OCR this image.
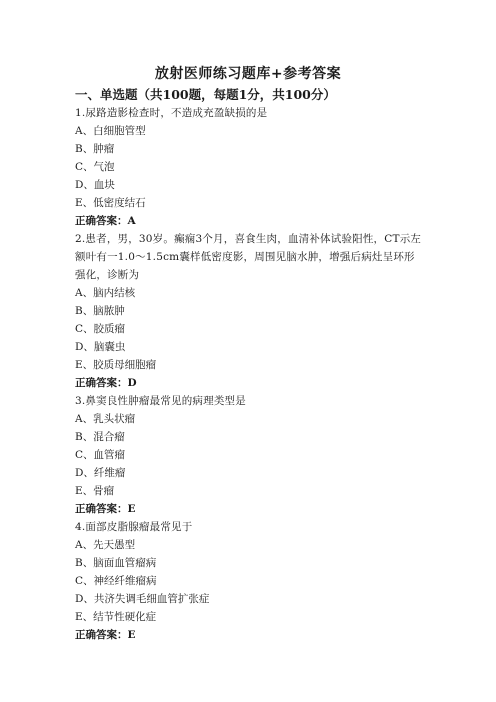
放射医师练习题库+参考答案
一、单选题（共100题，每题1分，共100分）
1.尿路造影检查时，不造成充盈缺损的是
A、白细胞管型
B、肿瘤
C、气泡
D、血块
E、低密度结石
正确答案：A
2.患者，男，30岁。癫痫3个月，喜食生肉，血清补体试验阳性，CT示左额叶有一1.0～1.5cm囊样低密度影，周围见脑水肿，增强后病灶呈环形强化，诊断为
A、脑内结核
B、脑脓肿
C、胶质瘤
D、脑囊虫
E、胶质母细胞瘤
正确答案：D
3.鼻窦良性肿瘤最常见的病理类型是
A、乳头状瘤
B、混合瘤
C、血管瘤
D、纤维瘤
E、骨瘤
正确答案：E
4.面部皮脂腺瘤最常见于
A、先天愚型
B、脑面血管瘤病
C、神经纤维瘤病
D、共济失调毛细血管扩张症
E、结节性硬化症
正确答案：E
